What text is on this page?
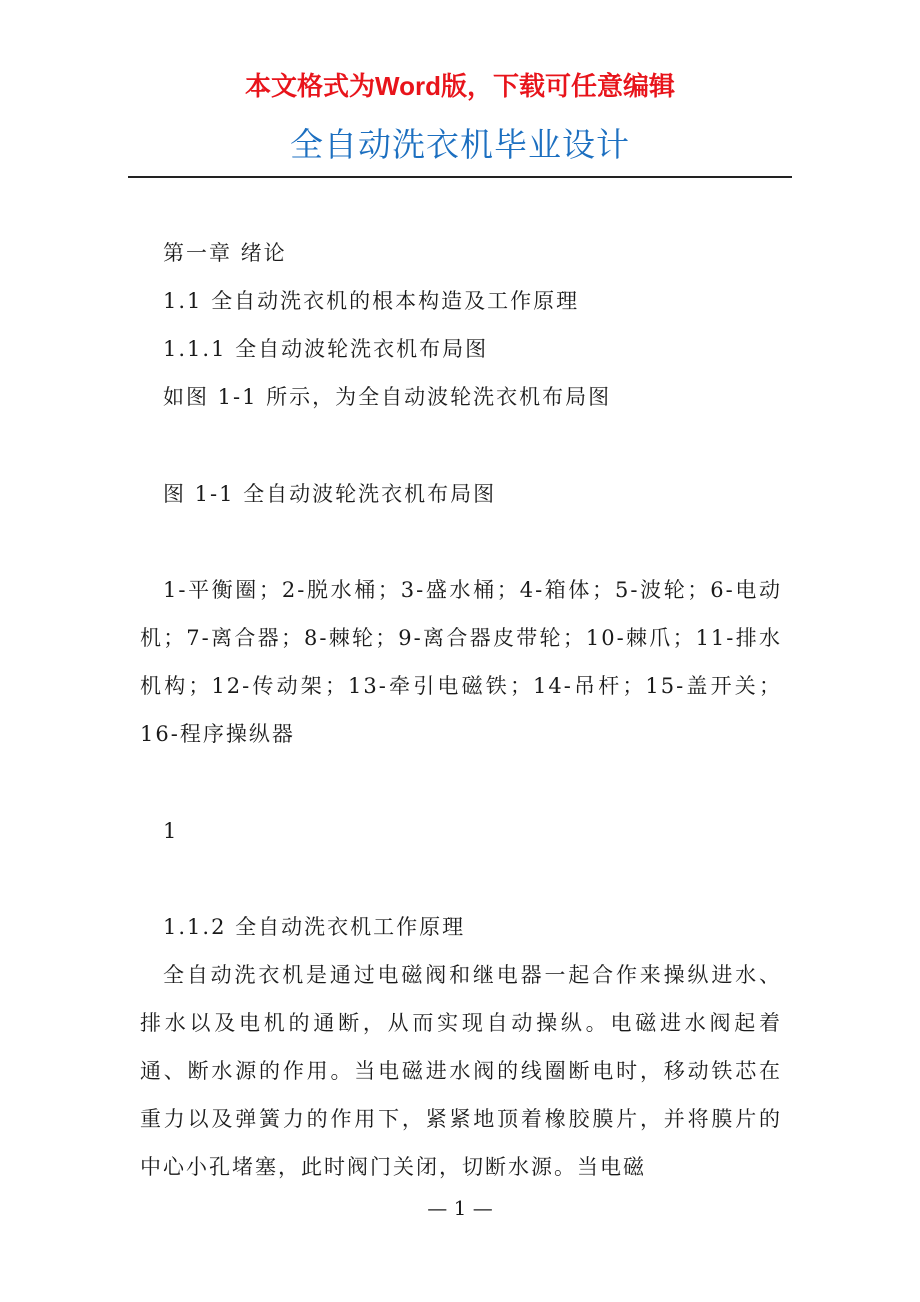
本文格式为Word版，下载可任意编辑
全自动洗衣机毕业设计
第一章 绪论
1.1 全自动洗衣机的根本构造及工作原理
1.1.1 全自动波轮洗衣机布局图
如图 1-1 所示，为全自动波轮洗衣机布局图
图 1-1 全自动波轮洗衣机布局图
1-平衡圈；2-脱水桶；3-盛水桶；4-箱体；5-波轮；6-电动机；7-离合器；8-棘轮；9-离合器皮带轮；10-棘爪；11-排水机构；12-传动架；13-牵引电磁铁；14-吊杆；15-盖开关；16-程序操纵器
1
1.1.2 全自动洗衣机工作原理
全自动洗衣机是通过电磁阀和继电器一起合作来操纵进水、排水以及电机的通断，从而实现自动操纵。电磁进水阀起着通、断水源的作用。当电磁进水阀的线圈断电时，移动铁芯在重力以及弹簧力的作用下，紧紧地顶着橡胶膜片，并将膜片的中心小孔堵塞，此时阀门关闭，切断水源。当电磁
— 1 —
